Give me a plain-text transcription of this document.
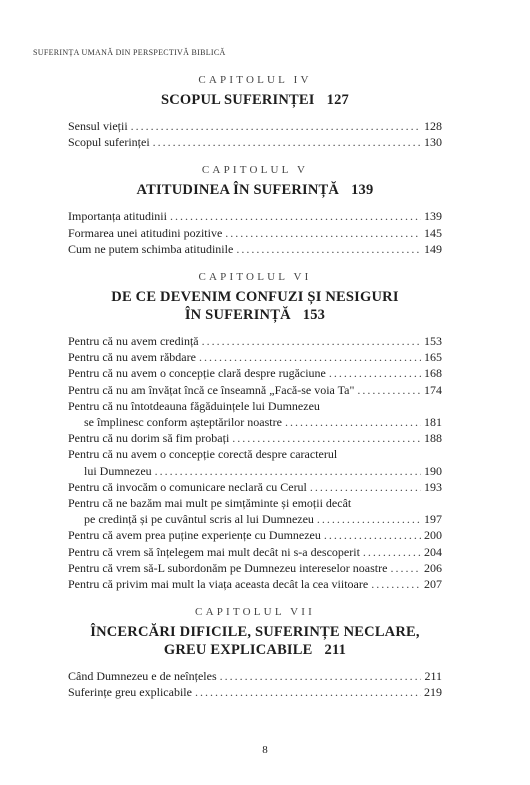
SUFERINȚA UMANĂ DIN PERSPECTIVĂ BIBLICĂ
CAPITOLUL IV
SCOPUL SUFERINȚEI 127
Sensul vieții .....	128
Scopul suferinței .....	130
CAPITOLUL V
ATITUDINEA ÎN SUFERINȚĂ 139
Importanța atitudinii .....	139
Formarea unei atitudini pozitive .....	145
Cum ne putem schimba atitudinile .....	149
CAPITOLUL VI
DE CE DEVENIM CONFUZI ȘI NESIGURI
ÎN SUFERINȚĂ 153
Pentru că nu avem credință .....	153
Pentru că nu avem răbdare .....	165
Pentru că nu avem o concepție clară despre rugăciune .....	168
Pentru că nu am învățat încă ce înseamnă „Facă-se voia Ta" .....	174
Pentru că nu întotdeauna făgăduințele lui Dumnezeu
se împlinesc conform așteptărilor noastre .....	181
Pentru că nu dorim să fim probați .....	188
Pentru că nu avem o concepție corectă despre caracterul
lui Dumnezeu .....	190
Pentru că invocăm o comunicare neclară cu Cerul .....	193
Pentru că ne bazăm mai mult pe simțăminte și emoții decât
pe credință și pe cuvântul scris al lui Dumnezeu .....	197
Pentru că avem prea puține experiențe cu Dumnezeu .....	200
Pentru că vrem să înțelegem mai mult decât ni s-a descoperit .....	204
Pentru că vrem să-L subordonăm pe Dumnezeu intereselor noastre .....	206
Pentru că privim mai mult la viața aceasta decât la cea viitoare .....	207
CAPITOLUL VII
ÎNCERCĂRI DIFICILE, SUFERINȚE NECLARE,
GREU EXPLICABILE 211
Când Dumnezeu e de neînțeles .....	211
Suferințe greu explicabile .....	219
8
